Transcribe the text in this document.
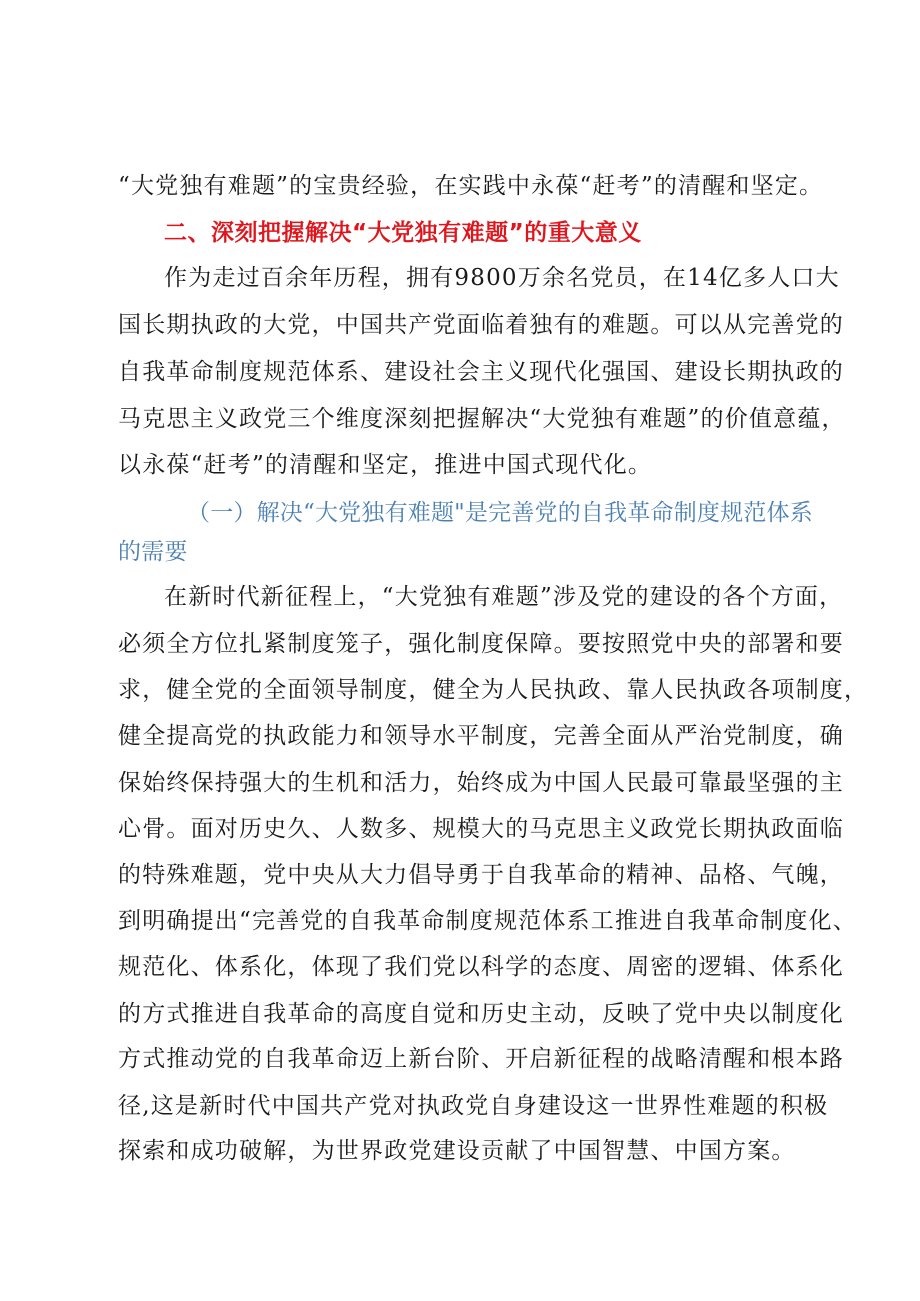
“大党独有难题”的宝贵经验，在实践中永葆“赶考”的清醒和坚定。
二、深刻把握解决“大党独有难题”的重大意义
作为走过百余年历程，拥有9800万余名党员，在14亿多人口大
国长期执政的大党，中国共产党面临着独有的难题。可以从完善党的
自我革命制度规范体系、建设社会主义现代化强国、建设长期执政的
马克思主义政党三个维度深刻把握解决“大党独有难题”的价值意蕴，
以永葆“赶考”的清醒和坚定，推进中国式现代化。
（一）解决“大党独有难题"是完善党的自我革命制度规范体系
的需要
在新时代新征程上，“大党独有难题”涉及党的建设的各个方面，
必须全方位扎紧制度笼子，强化制度保障。要按照党中央的部署和要
求，健全党的全面领导制度，健全为人民执政、靠人民执政各项制度，
健全提高党的执政能力和领导水平制度，完善全面从严治党制度，确
保始终保持强大的生机和活力，始终成为中国人民最可靠最坚强的主
心骨。面对历史久、人数多、规模大的马克思主义政党长期执政面临
的特殊难题，党中央从大力倡导勇于自我革命的精神、品格、气魄，
到明确提出“完善党的自我革命制度规范体系工推进自我革命制度化、
规范化、体系化，体现了我们党以科学的态度、周密的逻辑、体系化
的方式推进自我革命的高度自觉和历史主动，反映了党中央以制度化
方式推动党的自我革命迈上新台阶、开启新征程的战略清醒和根本路
径,这是新时代中国共产党对执政党自身建设这一世界性难题的积极
探索和成功破解，为世界政党建设贡献了中国智慧、中国方案。
